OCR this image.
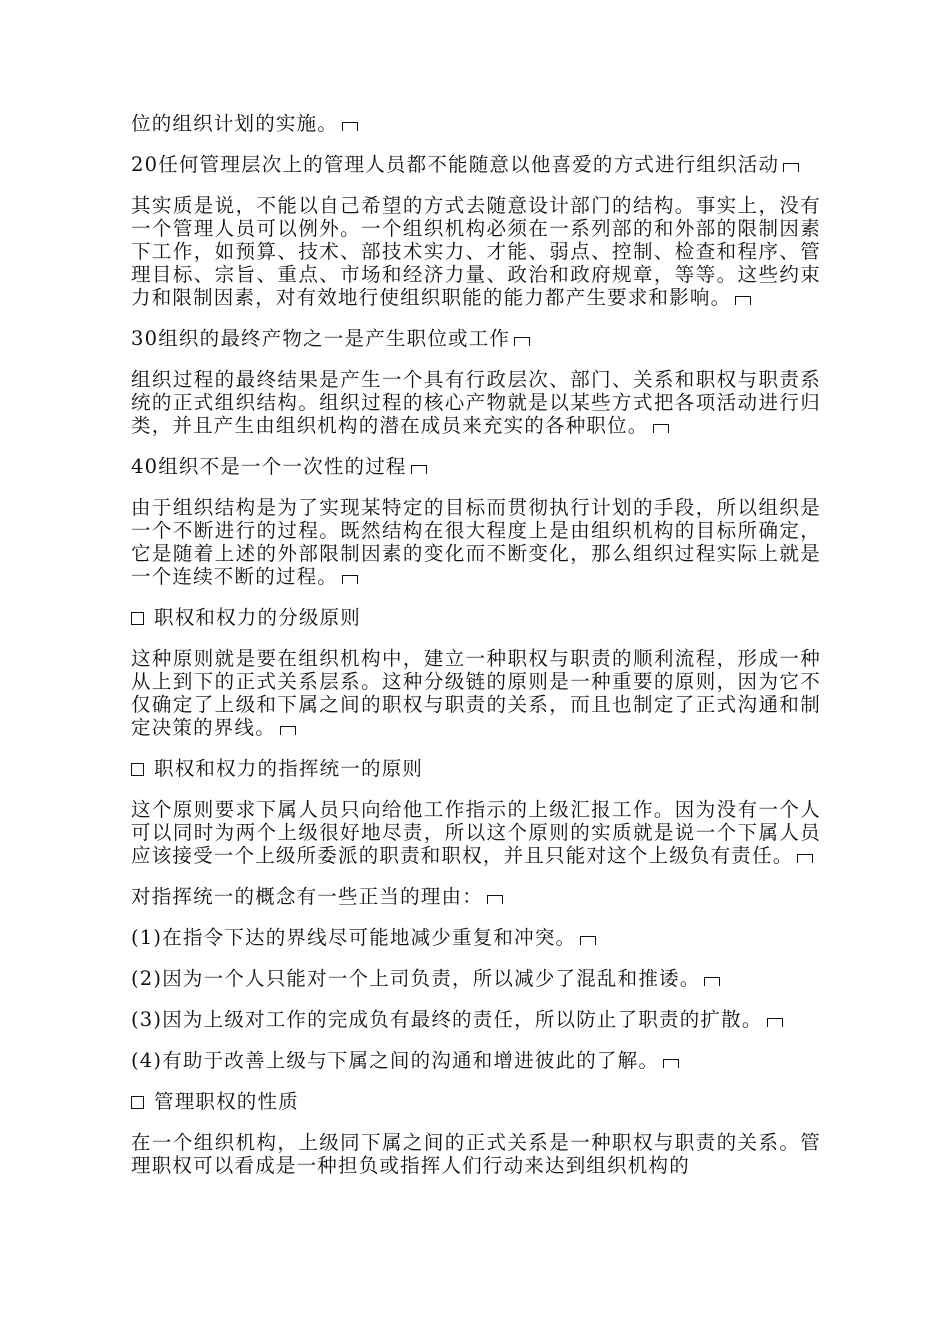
位的组织计划的实施。

20任何管理层次上的管理人员都不能随意以他喜爱的方式进行组织活动

其实质是说，不能以自己希望的方式去随意设计部门的结构。事实上，没有一个管理人员可以例外。一个组织机构必须在一系列部的和外部的限制因素下工作，如预算、技术、部技术实力、才能、弱点、控制、检查和程序、管理目标、宗旨、重点、市场和经济力量、政治和政府规章，等等。这些约束力和限制因素，对有效地行使组织职能的能力都产生要求和影响。

30组织的最终产物之一是产生职位或工作

组织过程的最终结果是产生一个具有行政层次、部门、关系和职权与职责系统的正式组织结构。组织过程的核心产物就是以某些方式把各项活动进行归类，并且产生由组织机构的潜在成员来充实的各种职位。

40组织不是一个一次性的过程

由于组织结构是为了实现某特定的目标而贯彻执行计划的手段，所以组织是一个不断进行的过程。既然结构在很大程度上是由组织机构的目标所确定，它是随着上述的外部限制因素的变化而不断变化，那么组织过程实际上就是一个连续不断的过程。

职权和权力的分级原则

这种原则就是要在组织机构中，建立一种职权与职责的顺利流程，形成一种从上到下的正式关系层系。这种分级链的原则是一种重要的原则，因为它不仅确定了上级和下属之间的职权与职责的关系，而且也制定了正式沟通和制定决策的界线。

职权和权力的指挥统一的原则

这个原则要求下属人员只向给他工作指示的上级汇报工作。因为没有一个人可以同时为两个上级很好地尽责，所以这个原则的实质就是说一个下属人员应该接受一个上级所委派的职责和职权，并且只能对这个上级负有责任。

对指挥统一的概念有一些正当的理由：

(1)在指令下达的界线尽可能地减少重复和冲突。

(2)因为一个人只能对一个上司负责，所以减少了混乱和推诿。

(3)因为上级对工作的完成负有最终的责任，所以防止了职责的扩散。

(4)有助于改善上级与下属之间的沟通和增进彼此的了解。

管理职权的性质

在一个组织机构，上级同下属之间的正式关系是一种职权与职责的关系。管理职权可以看成是一种担负或指挥人们行动来达到组织机构的
